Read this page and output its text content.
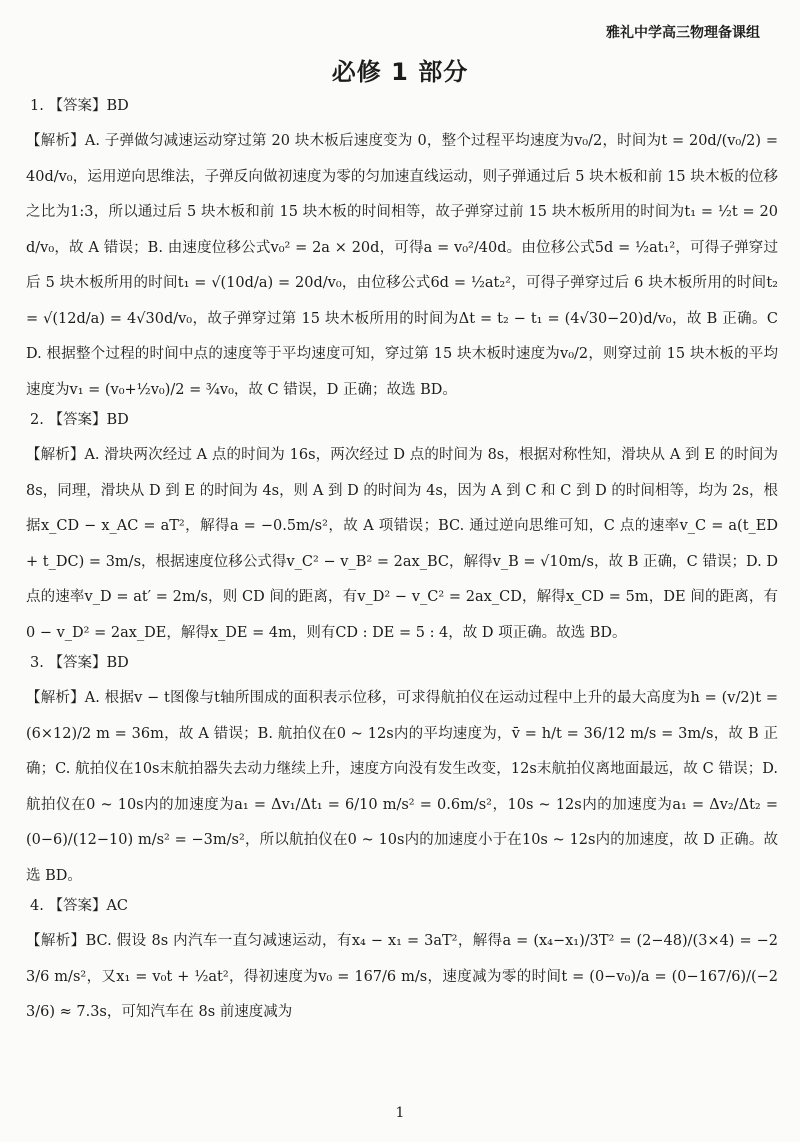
雅礼中学高三物理备课组
必修 1 部分

1. 【答案】BD

【解析】A. 子弹做匀减速运动穿过第 20 块木板后速度变为 0，整个过程平均速度为v₀/2，时间为t = 20d/(v₀/2) = 40d/v₀，运用逆向思维法，子弹反向做初速度为零的匀加速直线运动，则子弹通过后 5 块木板和前 15 块木板的位移之比为1:3，所以通过后 5 块木板和前 15 块木板的时间相等，故子弹穿过前 15 块木板所用的时间为t₁ = ½t = 20d/v₀，故 A 错误；B. 由速度位移公式v₀² = 2a × 20d，可得a = v₀²/40d。由位移公式5d = ½at₁²，可得子弹穿过后 5 块木板所用的时间t₁ = √(10d/a) = 20d/v₀，由位移公式6d = ½at₂²，可得子弹穿过后 6 块木板所用的时间t₂ = √(12d/a) = 4√30d/v₀，故子弹穿过第 15 块木板所用的时间为Δt = t₂ − t₁ = (4√30−20)d/v₀，故 B 正确。CD. 根据整个过程的时间中点的速度等于平均速度可知，穿过第 15 块木板时速度为v₀/2，则穿过前 15 块木板的平均速度为v₁ = (v₀+½v₀)/2 = ¾v₀，故 C 错误，D 正确；故选 BD。

2. 【答案】BD

【解析】A. 滑块两次经过 A 点的时间为 16s，两次经过 D 点的时间为 8s，根据对称性知，滑块从 A 到 E 的时间为 8s，同理，滑块从 D 到 E 的时间为 4s，则 A 到 D 的时间为 4s，因为 A 到 C 和 C 到 D 的时间相等，均为 2s，根据x_CD − x_AC = aT²，解得a = −0.5m/s²，故 A 项错误；BC. 通过逆向思维可知，C 点的速率v_C = a(t_ED + t_DC) = 3m/s，根据速度位移公式得v_C² − v_B² = 2ax_BC，解得v_B = √10m/s，故 B 正确，C 错误；D. D 点的速率v_D = at′ = 2m/s，则 CD 间的距离，有v_D² − v_C² = 2ax_CD，解得x_CD = 5m，DE 间的距离，有0 − v_D² = 2ax_DE，解得x_DE = 4m，则有CD : DE = 5 : 4，故 D 项正确。故选 BD。

3. 【答案】BD

【解析】A. 根据v − t图像与t轴所围成的面积表示位移，可求得航拍仪在运动过程中上升的最大高度为h = (v/2)t = (6×12)/2 m = 36m，故 A 错误；B. 航拍仪在0 ~ 12s内的平均速度为，v̄ = h/t = 36/12 m/s = 3m/s，故 B 正确；C. 航拍仪在10s末航拍器失去动力继续上升，速度方向没有发生改变，12s末航拍仪离地面最远，故 C 错误；D. 航拍仪在0 ~ 10s内的加速度为a₁ = Δv₁/Δt₁ = 6/10 m/s² = 0.6m/s²，10s ~ 12s内的加速度为a₁ = Δv₂/Δt₂ = (0−6)/(12−10) m/s² = −3m/s²，所以航拍仪在0 ~ 10s内的加速度小于在10s ~ 12s内的加速度，故 D 正确。故选 BD。

4. 【答案】AC

【解析】BC. 假设 8s 内汽车一直匀减速运动，有x₄ − x₁ = 3aT²，解得a = (x₄−x₁)/3T² = (2−48)/(3×4) = −23/6 m/s²，又x₁ = v₀t + ½at²，得初速度为v₀ = 167/6 m/s，速度减为零的时间t = (0−v₀)/a = (0−167/6)/(−23/6) ≈ 7.3s，可知汽车在 8s 前速度减为

1
